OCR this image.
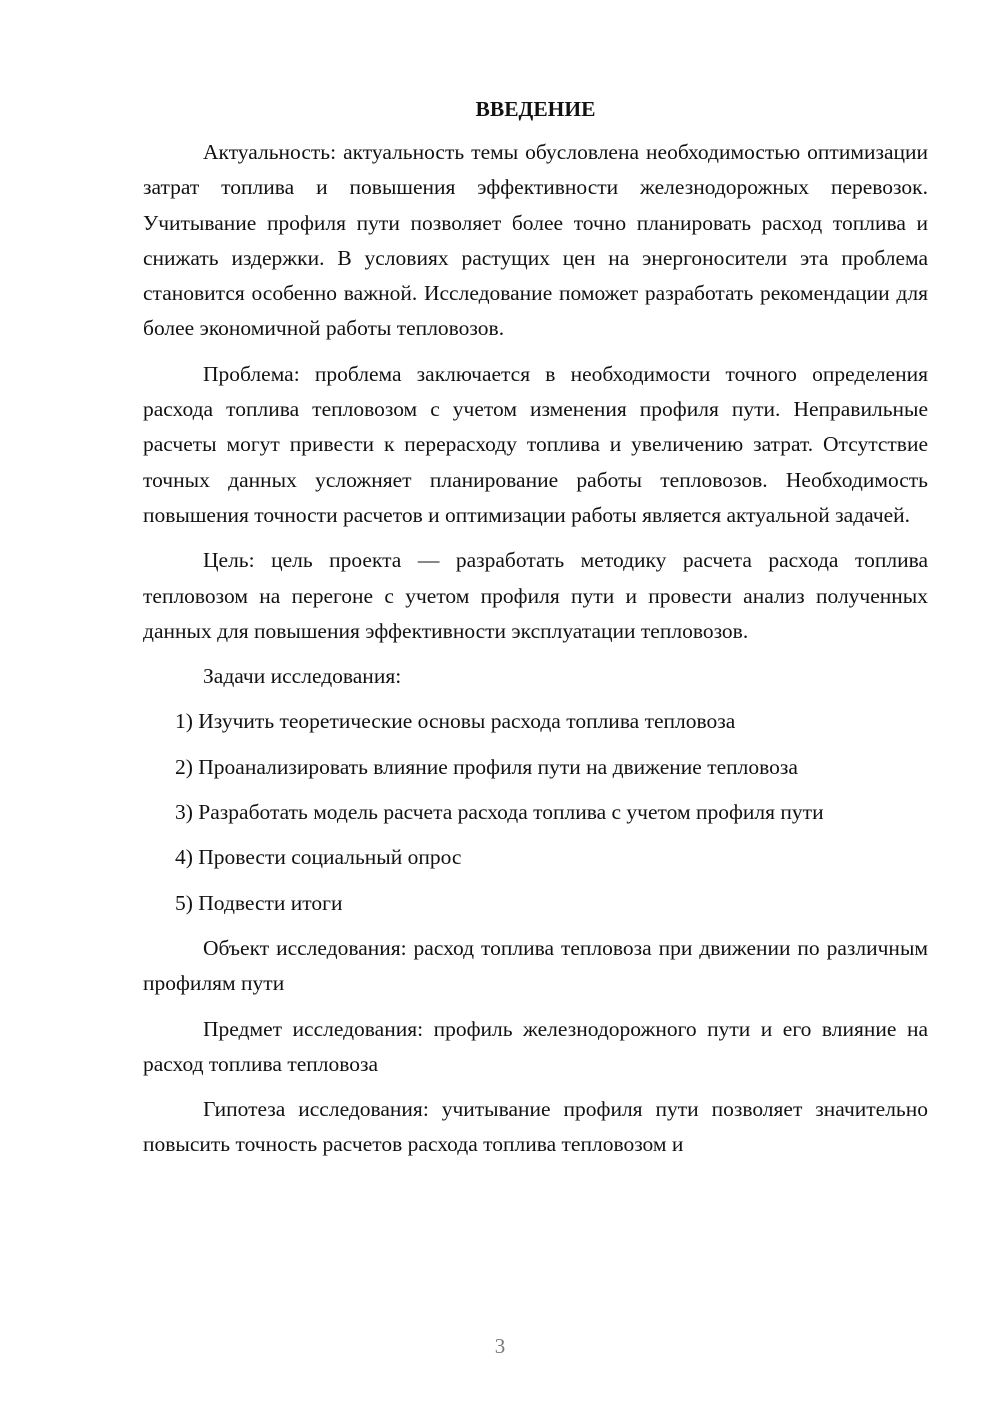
ВВЕДЕНИЕ

Актуальность: актуальность темы обусловлена необходимостью оптимизации затрат топлива и повышения эффективности железнодорожных перевозок. Учитывание профиля пути позволяет более точно планировать расход топлива и снижать издержки. В условиях растущих цен на энергоносители эта проблема становится особенно важной. Исследование поможет разработать рекомендации для более экономичной работы тепловозов.

Проблема: проблема заключается в необходимости точного определения расхода топлива тепловозом с учетом изменения профиля пути. Неправильные расчеты могут привести к перерасходу топлива и увеличению затрат. Отсутствие точных данных усложняет планирование работы тепловозов. Необходимость повышения точности расчетов и оптимизации работы является актуальной задачей.

Цель: цель проекта — разработать методику расчета расхода топлива тепловозом на перегоне с учетом профиля пути и провести анализ полученных данных для повышения эффективности эксплуатации тепловозов.

Задачи исследования:

1) Изучить теоретические основы расхода топлива тепловоза

2) Проанализировать влияние профиля пути на движение тепловоза

3) Разработать модель расчета расхода топлива с учетом профиля пути

4) Провести социальный опрос

5) Подвести итоги

Объект исследования: расход топлива тепловоза при движении по различным профилям пути

Предмет исследования: профиль железнодорожного пути и его влияние на расход топлива тепловоза

Гипотеза исследования: учитывание профиля пути позволяет значительно повысить точность расчетов расхода топлива тепловозом и

3
